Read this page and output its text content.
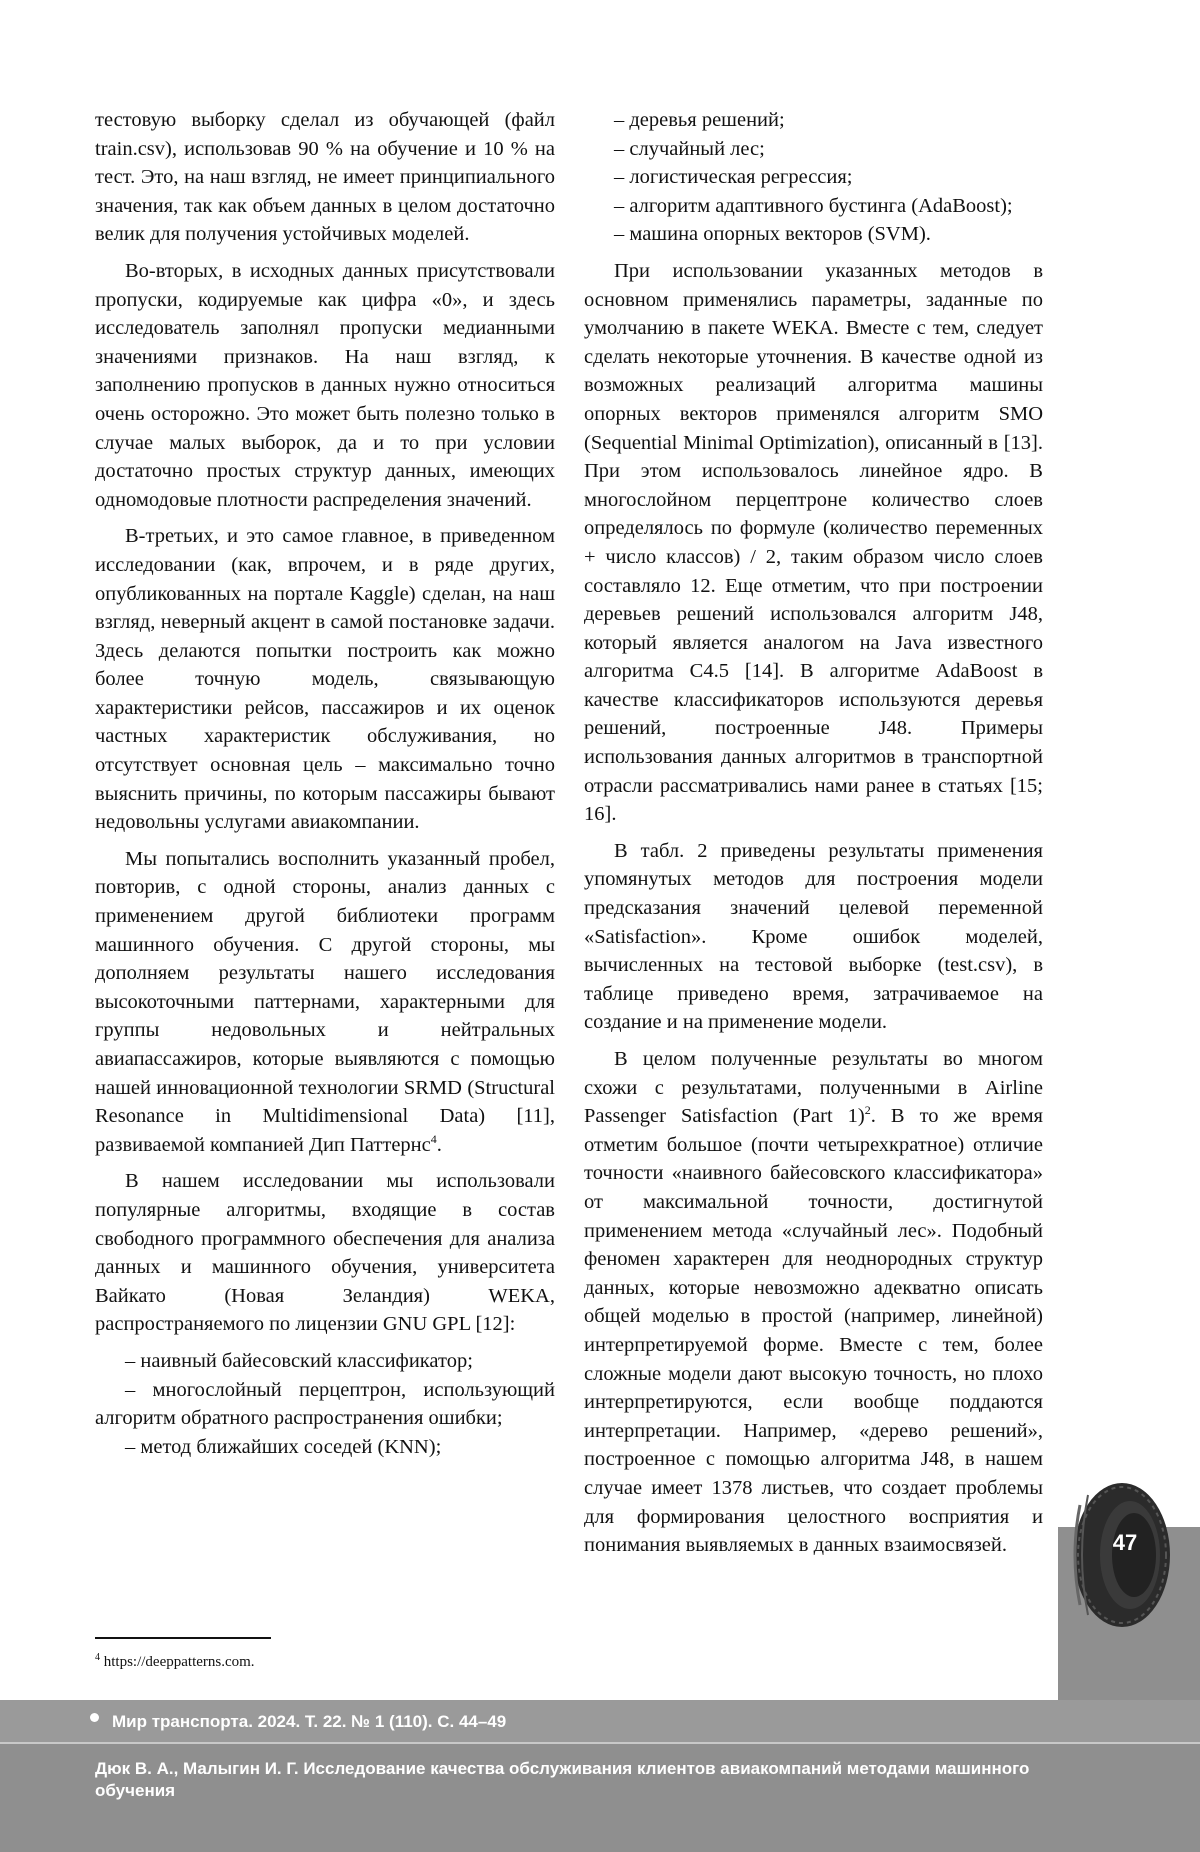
тестовую выборку сделал из обучающей (файл train.csv), использовав 90 % на обучение и 10 % на тест. Это, на наш взгляд, не имеет принципиального значения, так как объем данных в целом достаточно велик для получения устойчивых моделей.

Во-вторых, в исходных данных присутствовали пропуски, кодируемые как цифра «0», и здесь исследователь заполнял пропуски медианными значениями признаков. На наш взгляд, к заполнению пропусков в данных нужно относиться очень осторожно. Это может быть полезно только в случае малых выборок, да и то при условии достаточно простых структур данных, имеющих одномодовые плотности распределения значений.

В-третьих, и это самое главное, в приведенном исследовании (как, впрочем, и в ряде других, опубликованных на портале Kaggle) сделан, на наш взгляд, неверный акцент в самой постановке задачи. Здесь делаются попытки построить как можно более точную модель, связывающую характеристики рейсов, пассажиров и их оценок частных характеристик обслуживания, но отсутствует основная цель – максимально точно выяснить причины, по которым пассажиры бывают недовольны услугами авиакомпании.

Мы попытались восполнить указанный пробел, повторив, с одной стороны, анализ данных с применением другой библиотеки программ машинного обучения. С другой стороны, мы дополняем результаты нашего исследования высокоточными паттернами, характерными для группы недовольных и нейтральных авиапассажиров, которые выявляются с помощью нашей инновационной технологии SRMD (Structural Resonance in Multidimensional Data) [11], развиваемой компанией Дип Паттернс$^4$.

В нашем исследовании мы использовали популярные алгоритмы, входящие в состав свободного программного обеспечения для анализа данных и машинного обучения, университета Вайкато (Новая Зеландия) WEKA, распространяемого по лицензии GNU GPL [12]:

– наивный байесовский классификатор;
– многослойный перцептрон, использующий алгоритм обратного распространения ошибки;
– метод ближайших соседей (KNN);
– деревья решений;
– случайный лес;
– логистическая регрессия;
– алгоритм адаптивного бустинга (AdaBoost);
– машина опорных векторов (SVM).

При использовании указанных методов в основном применялись параметры, заданные по умолчанию в пакете WEKA. Вместе с тем, следует сделать некоторые уточнения. В качестве одной из возможных реализаций алгоритма машины опорных векторов применялся алгоритм SMO (Sequential Minimal Optimization), описанный в [13]. При этом использовалось линейное ядро. В многослойном перцептроне количество слоев определялось по формуле (количество переменных + число классов) / 2, таким образом число слоев составляло 12. Еще отметим, что при построении деревьев решений использовался алгоритм J48, который является аналогом на Java известного алгоритма C4.5 [14]. В алгоритме AdaBoost в качестве классификаторов используются деревья решений, построенные J48. Примеры использования данных алгоритмов в транспортной отрасли рассматривались нами ранее в статьях [15; 16].

В табл. 2 приведены результаты применения упомянутых методов для построения модели предсказания значений целевой переменной «Satisfaction». Кроме ошибок моделей, вычисленных на тестовой выборке (test.csv), в таблице приведено время, затрачиваемое на создание и на применение модели.

В целом полученные результаты во многом схожи с результатами, полученными в Airline Passenger Satisfaction (Part 1)$^2$. В то же время отметим большое (почти четырехкратное) отличие точности «наивного байесовского классификатора» от максимальной точности, достигнутой применением метода «случайный лес». Подобный феномен характерен для неоднородных структур данных, которые невозможно адекватно описать общей моделью в простой (например, линейной) интерпретируемой форме. Вместе с тем, более сложные модели дают высокую точность, но плохо интерпретируются, если вообще поддаются интерпретации. Например, «дерево решений», построенное с помощью алгоритма J48, в нашем случае имеет 1378 листьев, что создает проблемы для формирования целостного восприятия и понимания выявляемых в данных взаимосвязей.

$^4$ https://deeppatterns.com.
47
Мир транспорта. 2024. Т. 22. № 1 (110). С. 44–49
Дюк В. А., Малыгин И. Г. Исследование качества обслуживания клиентов авиакомпаний методами машинного обучения
